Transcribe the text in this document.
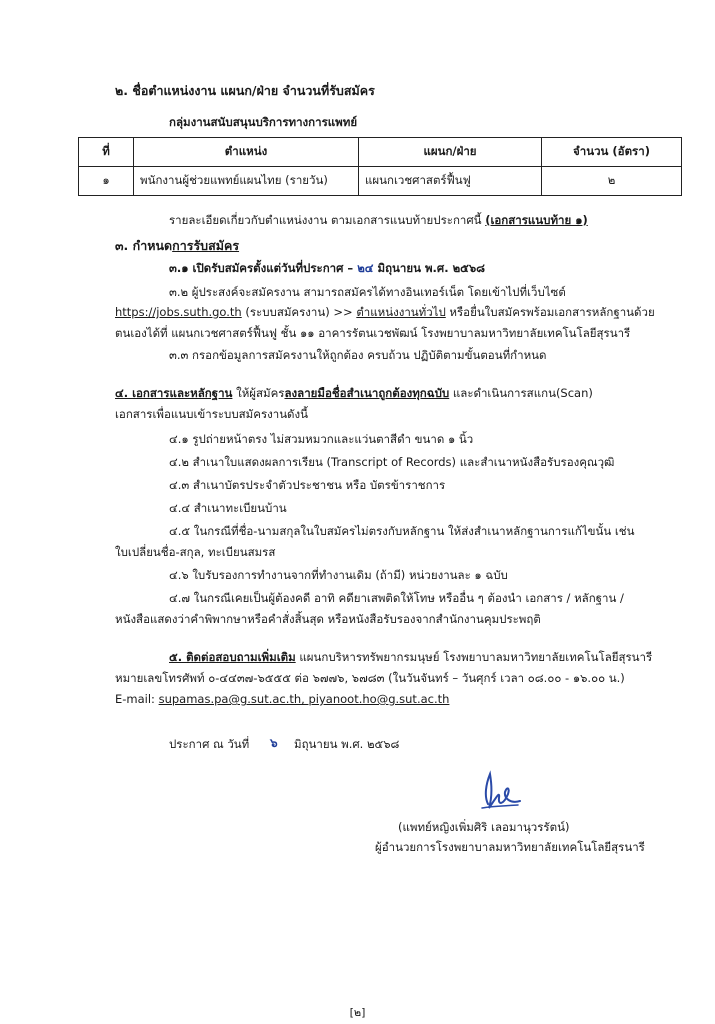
๒. ชื่อตำแหน่งงาน แผนก/ฝ่าย จำนวนที่รับสมัคร
กลุ่มงานสนับสนุนบริการทางการแพทย์
ที่	ตำแหน่ง	แผนก/ฝ่าย	จำนวน (อัตรา)
๑	พนักงานผู้ช่วยแพทย์แผนไทย (รายวัน)	แผนกเวชศาสตร์ฟื้นฟู	๒
รายละเอียดเกี่ยวกับตำแหน่งงาน ตามเอกสารแนบท้ายประกาศนี้ (เอกสารแนบท้าย ๑)
๓. กำหนดการรับสมัคร
๓.๑ เปิดรับสมัครตั้งแต่วันที่ประกาศ – ๒๔ มิถุนายน พ.ศ. ๒๕๖๘
๓.๒ ผู้ประสงค์จะสมัครงาน สามารถสมัครได้ทางอินเทอร์เน็ต โดยเข้าไปที่เว็บไซต์
https://jobs.suth.go.th (ระบบสมัครงาน) >> ตำแหน่งงานทั่วไป หรือยื่นใบสมัครพร้อมเอกสารหลักฐานด้วย
ตนเองได้ที่ แผนกเวชศาสตร์ฟื้นฟู ชั้น ๑๑ อาคารรัตนเวชพัฒน์ โรงพยาบาลมหาวิทยาลัยเทคโนโลยีสุรนารี
๓.๓ กรอกข้อมูลการสมัครงานให้ถูกต้อง ครบถ้วน ปฏิบัติตามขั้นตอนที่กำหนด
๔. เอกสารและหลักฐาน ให้ผู้สมัครลงลายมือชื่อสำเนาถูกต้องทุกฉบับ และดำเนินการสแกน(Scan)
เอกสารเพื่อแนบเข้าระบบสมัครงานดังนี้
๔.๑ รูปถ่ายหน้าตรง ไม่สวมหมวกและแว่นตาสีดำ ขนาด ๑ นิ้ว
๔.๒ สำเนาใบแสดงผลการเรียน (Transcript of Records) และสำเนาหนังสือรับรองคุณวุฒิ
๔.๓ สำเนาบัตรประจำตัวประชาชน หรือ บัตรข้าราชการ
๔.๔ สำเนาทะเบียนบ้าน
๔.๕ ในกรณีที่ชื่อ-นามสกุลในใบสมัครไม่ตรงกับหลักฐาน ให้ส่งสำเนาหลักฐานการแก้ไขนั้น เช่น
ใบเปลี่ยนชื่อ-สกุล, ทะเบียนสมรส
๔.๖ ใบรับรองการทำงานจากที่ทำงานเดิม (ถ้ามี) หน่วยงานละ ๑ ฉบับ
๔.๗ ในกรณีเคยเป็นผู้ต้องคดี อาทิ คดียาเสพติดให้โทษ หรืออื่น ๆ ต้องนำ เอกสาร / หลักฐาน /
หนังสือแสดงว่าคำพิพากษาหรือคำสั่งสิ้นสุด หรือหนังสือรับรองจากสำนักงานคุมประพฤติ
๕. ติดต่อสอบถามเพิ่มเติม แผนกบริหารทรัพยากรมนุษย์ โรงพยาบาลมหาวิทยาลัยเทคโนโลยีสุรนารี
หมายเลขโทรศัพท์ ๐-๔๔๓๗-๖๕๕๕ ต่อ ๖๗๗๖, ๖๗๘๓ (ในวันจันทร์ – วันศุกร์ เวลา ๐๘.๐๐ - ๑๖.๐๐ น.)
E-mail: supamas.pa@g.sut.ac.th, piyanoot.ho@g.sut.ac.th
ประกาศ ณ วันที่ ๖ มิถุนายน พ.ศ. ๒๕๖๘
(แพทย์หญิงเพิ่มศิริ เลอมานุวรรัตน์)
ผู้อำนวยการโรงพยาบาลมหาวิทยาลัยเทคโนโลยีสุรนารี
[๒]
